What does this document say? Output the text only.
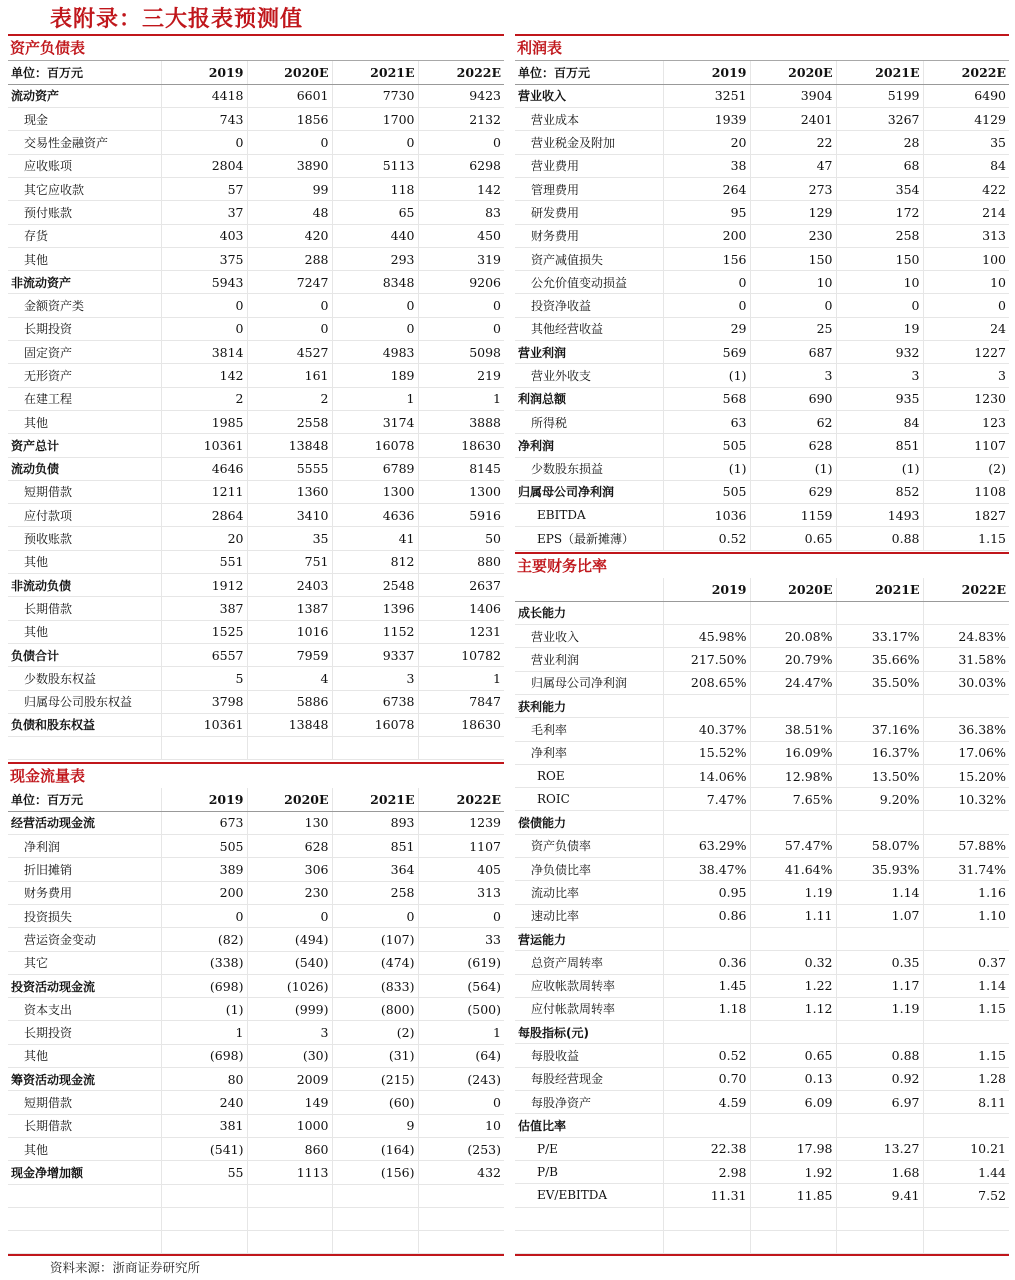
表附录：三大报表预测值
资产负债表
单位：百万元	2019	2020E	2021E	2022E
流动资产	4418	6601	7730	9423
现金	743	1856	1700	2132
交易性金融资产	0	0	0	0
应收账项	2804	3890	5113	6298
其它应收款	57	99	118	142
预付账款	37	48	65	83
存货	403	420	440	450
其他	375	288	293	319
非流动资产	5943	7247	8348	9206
金额资产类	0	0	0	0
长期投资	0	0	0	0
固定资产	3814	4527	4983	5098
无形资产	142	161	189	219
在建工程	2	2	1	1
其他	1985	2558	3174	3888
资产总计	10361	13848	16078	18630
流动负债	4646	5555	6789	8145
短期借款	1211	1360	1300	1300
应付款项	2864	3410	4636	5916
预收账款	20	35	41	50
其他	551	751	812	880
非流动负债	1912	2403	2548	2637
长期借款	387	1387	1396	1406
其他	1525	1016	1152	1231
负债合计	6557	7959	9337	10782
少数股东权益	5	4	3	1
归属母公司股东权益	3798	5886	6738	7847
负债和股东权益	10361	13848	16078	18630

现金流量表
单位：百万元	2019	2020E	2021E	2022E
经营活动现金流	673	130	893	1239
净利润	505	628	851	1107
折旧摊销	389	306	364	405
财务费用	200	230	258	313
投资损失	0	0	0	0
营运资金变动	(82)	(494)	(107)	33
其它	(338)	(540)	(474)	(619)
投资活动现金流	(698)	(1026)	(833)	(564)
资本支出	(1)	(999)	(800)	(500)
长期投资	1	3	(2)	1
其他	(698)	(30)	(31)	(64)
筹资活动现金流	80	2009	(215)	(243)
短期借款	240	149	(60)	0
长期借款	381	1000	9	10
其他	(541)	860	(164)	(253)
现金净增加额	55	1113	(156)	432

利润表
单位：百万元	2019	2020E	2021E	2022E
营业收入	3251	3904	5199	6490
营业成本	1939	2401	3267	4129
营业税金及附加	20	22	28	35
营业费用	38	47	68	84
管理费用	264	273	354	422
研发费用	95	129	172	214
财务费用	200	230	258	313
资产减值损失	156	150	150	100
公允价值变动损益	0	10	10	10
投资净收益	0	0	0	0
其他经营收益	29	25	19	24
营业利润	569	687	932	1227
营业外收支	(1)	3	3	3
利润总额	568	690	935	1230
所得税	63	62	84	123
净利润	505	628	851	1107
少数股东损益	(1)	(1)	(1)	(2)
归属母公司净利润	505	629	852	1108
EBITDA	1036	1159	1493	1827
EPS（最新摊薄）	0.52	0.65	0.88	1.15
主要财务比率
	2019	2020E	2021E	2022E
成长能力				
营业收入	45.98%	20.08%	33.17%	24.83%
营业利润	217.50%	20.79%	35.66%	31.58%
归属母公司净利润	208.65%	24.47%	35.50%	30.03%
获利能力				
毛利率	40.37%	38.51%	37.16%	36.38%
净利率	15.52%	16.09%	16.37%	17.06%
ROE	14.06%	12.98%	13.50%	15.20%
ROIC	7.47%	7.65%	9.20%	10.32%
偿债能力				
资产负债率	63.29%	57.47%	58.07%	57.88%
净负债比率	38.47%	41.64%	35.93%	31.74%
流动比率	0.95	1.19	1.14	1.16
速动比率	0.86	1.11	1.07	1.10
营运能力				
总资产周转率	0.36	0.32	0.35	0.37
应收帐款周转率	1.45	1.22	1.17	1.14
应付帐款周转率	1.18	1.12	1.19	1.15
每股指标(元)				
每股收益	0.52	0.65	0.88	1.15
每股经营现金	0.70	0.13	0.92	1.28
每股净资产	4.59	6.09	6.97	8.11
估值比率				
P/E	22.38	17.98	13.27	10.21
P/B	2.98	1.92	1.68	1.44
EV/EBITDA	11.31	11.85	9.41	7.52

资料来源：浙商证券研究所
